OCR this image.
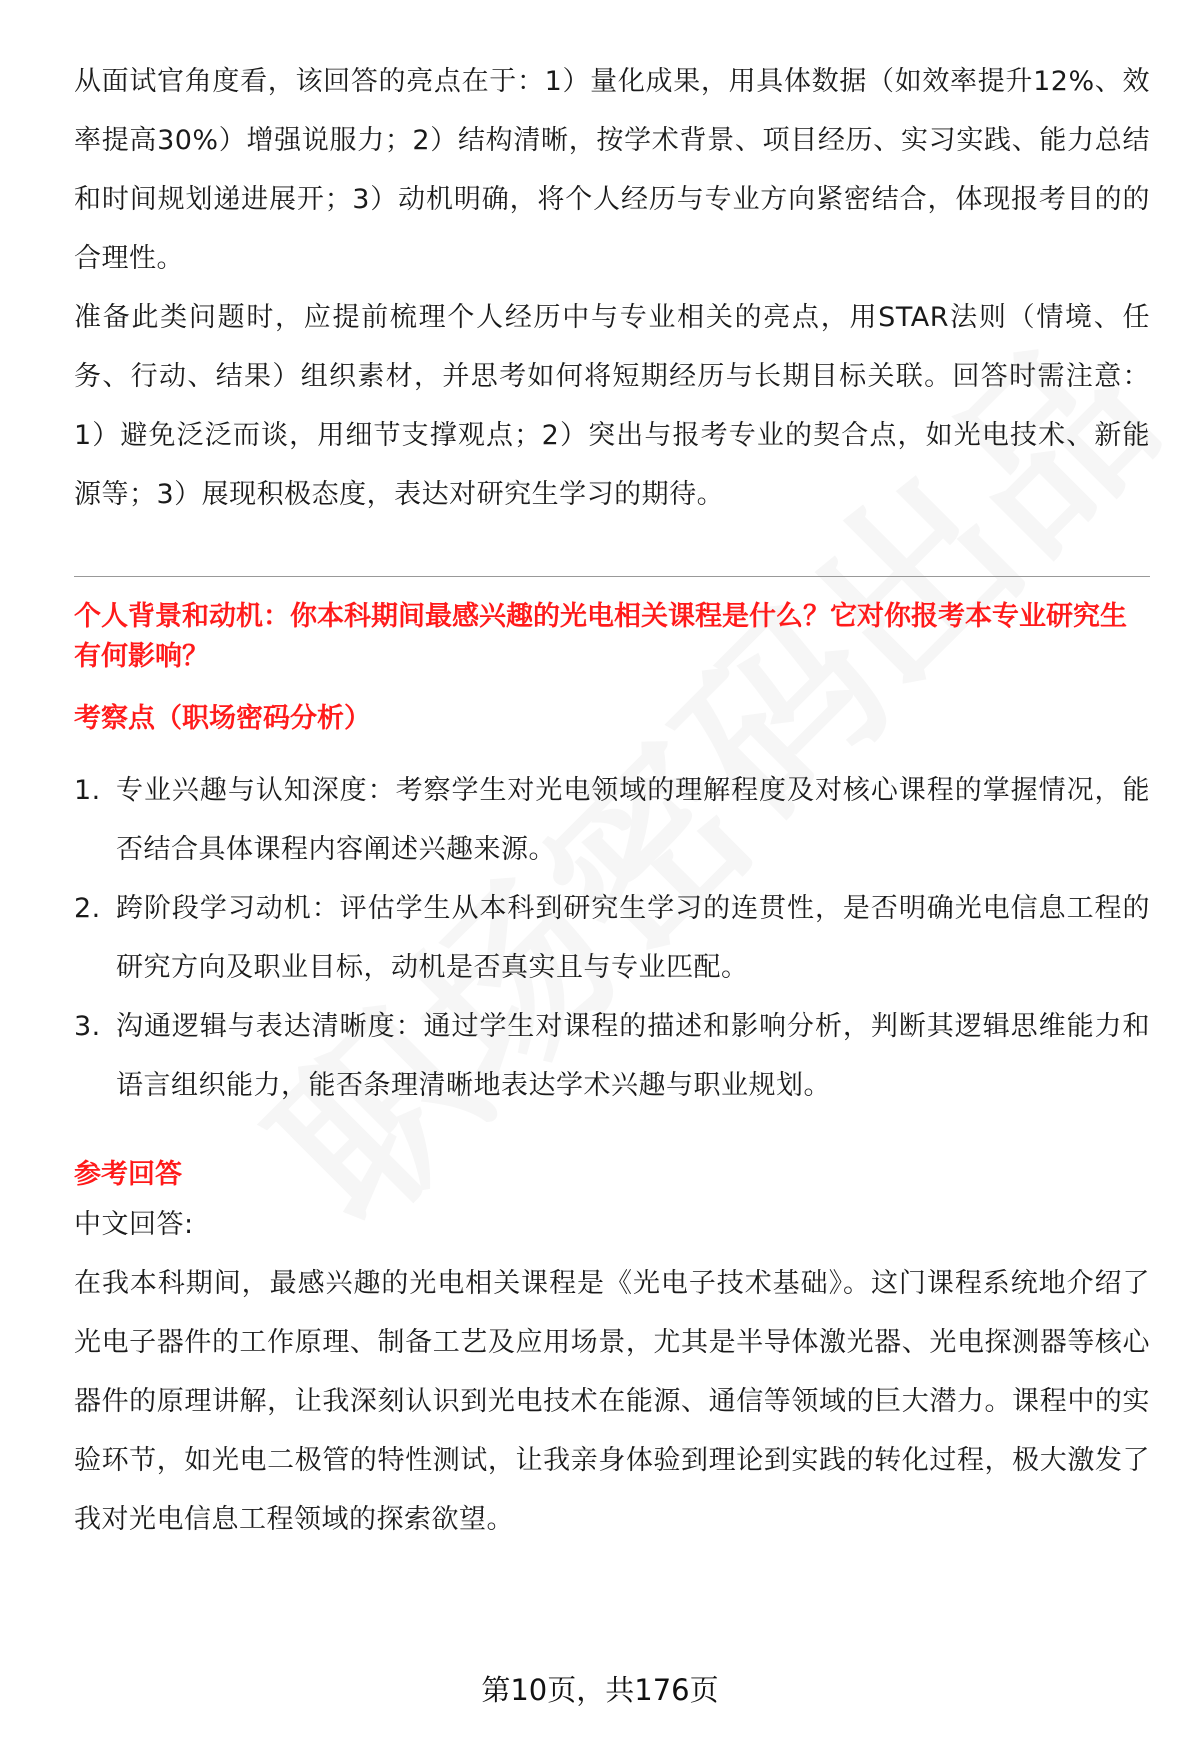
从面试官角度看，该回答的亮点在于：1）量化成果，用具体数据（如效率提升12%、效率提高30%）增强说服力；2）结构清晰，按学术背景、项目经历、实习实践、能力总结和时间规划递进展开；3）动机明确，将个人经历与专业方向紧密结合，体现报考目的的合理性。

准备此类问题时，应提前梳理个人经历中与专业相关的亮点，用STAR法则（情境、任务、行动、结果）组织素材，并思考如何将短期经历与长期目标关联。回答时需注意：1）避免泛泛而谈，用细节支撑观点；2）突出与报考专业的契合点，如光电技术、新能源等；3）展现积极态度，表达对研究生学习的期待。

个人背景和动机：你本科期间最感兴趣的光电相关课程是什么？它对你报考本专业研究生有何影响？
考察点（职场密码分析）
1. 专业兴趣与认知深度：考察学生对光电领域的理解程度及对核心课程的掌握情况，能否结合具体课程内容阐述兴趣来源。
2. 跨阶段学习动机：评估学生从本科到研究生学习的连贯性，是否明确光电信息工程的研究方向及职业目标，动机是否真实且与专业匹配。
3. 沟通逻辑与表达清晰度：通过学生对课程的描述和影响分析，判断其逻辑思维能力和语言组织能力，能否条理清晰地表达学术兴趣与职业规划。
参考回答

中文回答:

在我本科期间，最感兴趣的光电相关课程是《光电子技术基础》。这门课程系统地介绍了光电子器件的工作原理、制备工艺及应用场景，尤其是半导体激光器、光电探测器等核心器件的原理讲解，让我深刻认识到光电技术在能源、通信等领域的巨大潜力。课程中的实验环节，如光电二极管的特性测试，让我亲身体验到理论到实践的转化过程，极大激发了我对光电信息工程领域的探索欲望。

第10页，共176页
